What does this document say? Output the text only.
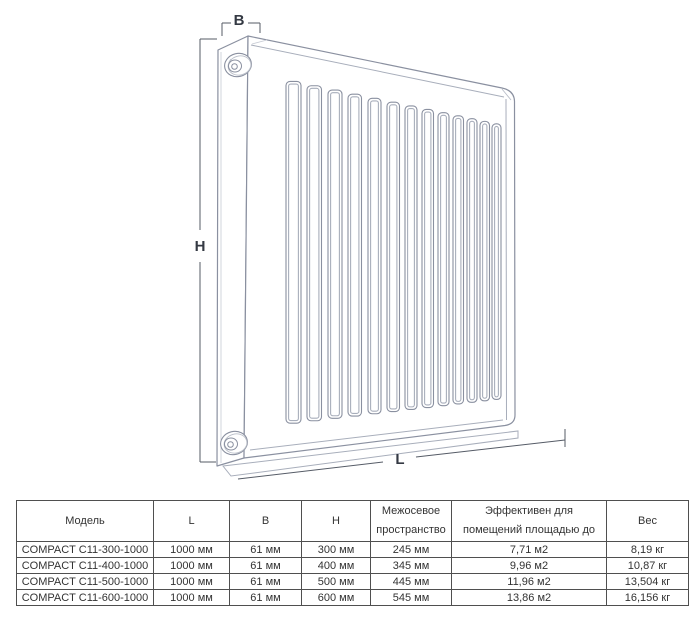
B
H
L
Модель	L	B	H	Межосевое пространство	Эффективен для помещений площадью до	Вес
COMPACT C11-300-1000	1000 мм	61 мм	300 мм	245 мм	7,71 м2	8,19 кг
COMPACT C11-400-1000	1000 мм	61 мм	400 мм	345 мм	9,96 м2	10,87 кг
COMPACT C11-500-1000	1000 мм	61 мм	500 мм	445 мм	11,96 м2	13,504 кг
COMPACT C11-600-1000	1000 мм	61 мм	600 мм	545 мм	13,86 м2	16,156 кг
